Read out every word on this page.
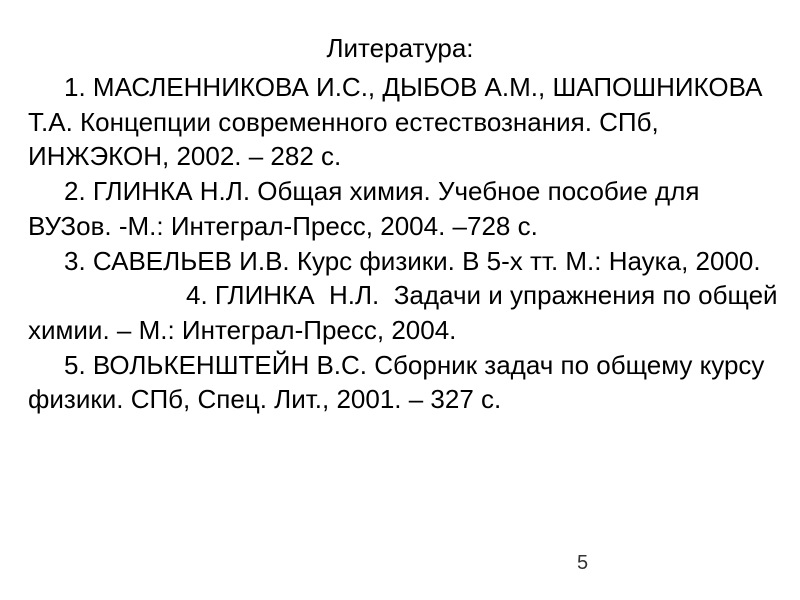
Литература:

1. МАСЛЕННИКОВА И.С., ДЫБОВ А.М., ШАПОШНИКОВА Т.А. Концепции современного естествознания. СПб, ИНЖЭКОН, 2002. – 282 с.

2. ГЛИНКА Н.Л. Общая химия. Учебное пособие для ВУЗов. -М.: Интеграл-Пресс, 2004. –728 с.

3. САВЕЛЬЕВ И.В. Курс физики. В 5-х тт. М.: Наука, 2000.

4. ГЛИНКА  Н.Л.  Задачи и упражнения по общей химии. – М.: Интеграл-Пресс, 2004.

5. ВОЛЬКЕНШТЕЙН В.С. Сборник задач по общему курсу физики. СПб, Спец. Лит., 2001. – 327 с.

5
